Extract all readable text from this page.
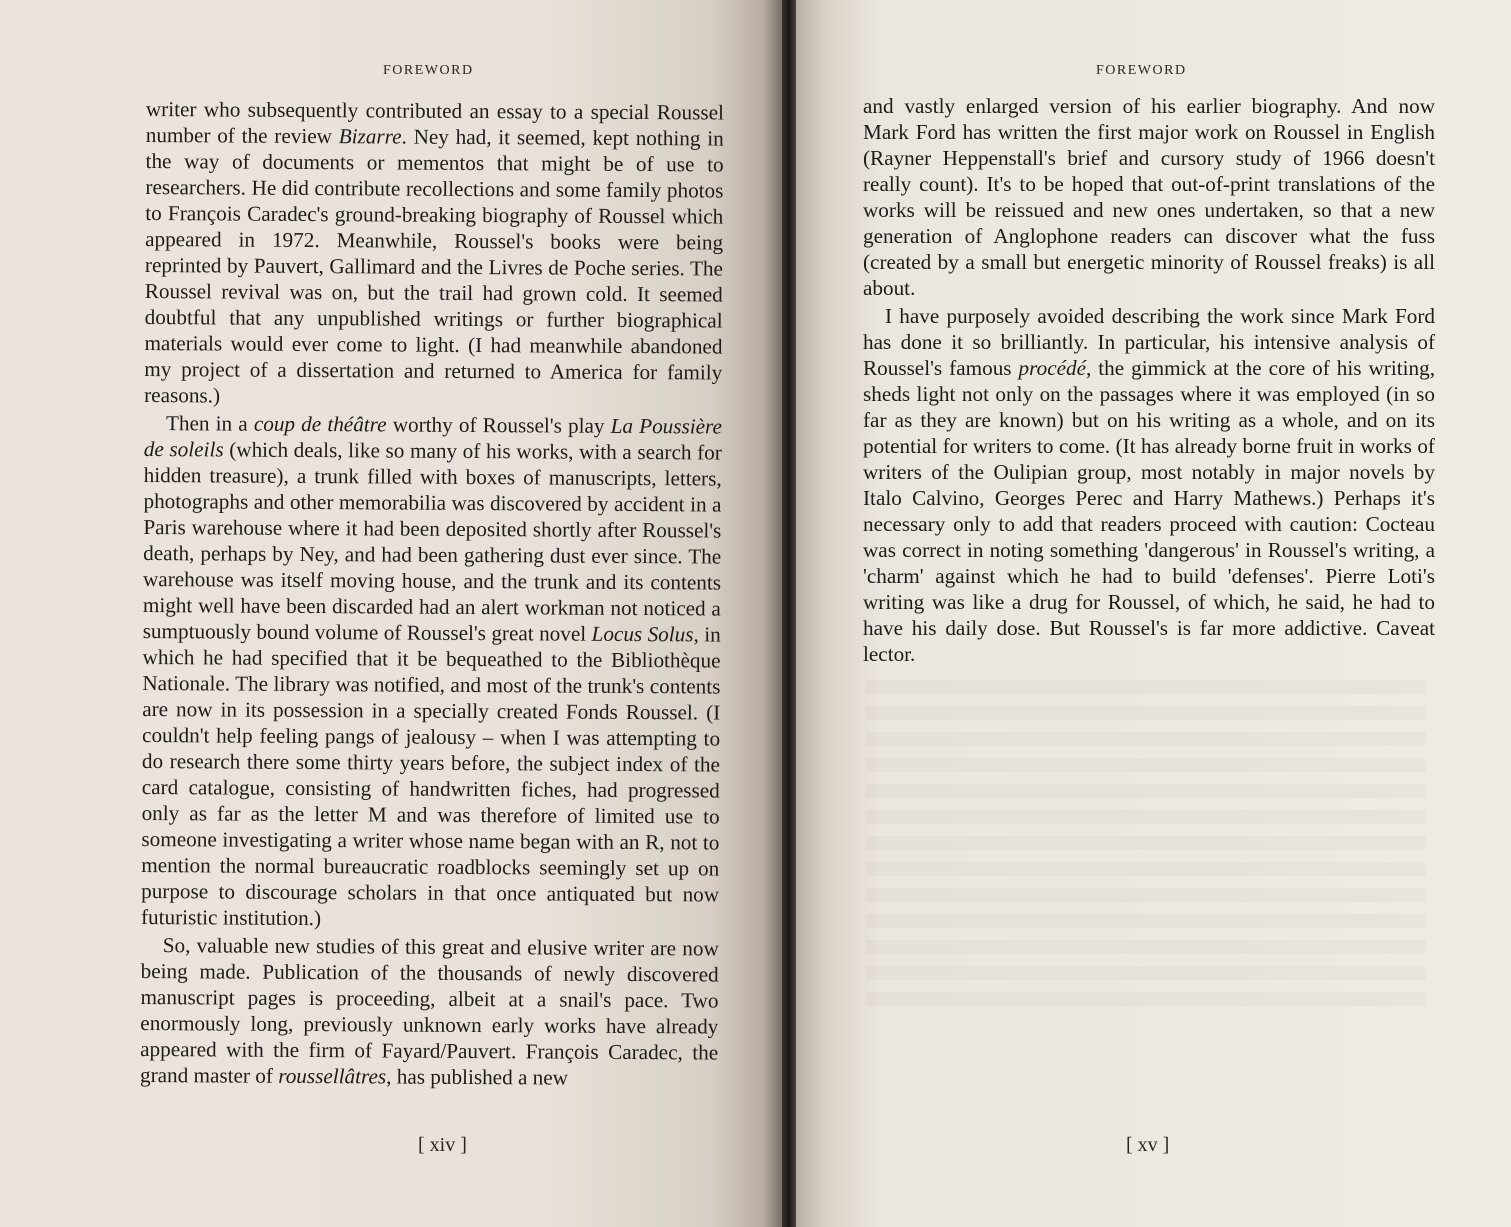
FOREWORD

writer who subsequently contributed an essay to a special Roussel number of the review Bizarre. Ney had, it seemed, kept nothing in the way of documents or mementos that might be of use to researchers. He did contribute recollections and some family photos to François Caradec's ground-breaking biography of Roussel which appeared in 1972. Meanwhile, Roussel's books were being reprinted by Pauvert, Gallimard and the Livres de Poche series. The Roussel revival was on, but the trail had grown cold. It seemed doubtful that any unpublished writings or further biographical materials would ever come to light. (I had meanwhile abandoned my project of a dissertation and returned to America for family reasons.)

Then in a coup de théâtre worthy of Roussel's play La Poussière de soleils (which deals, like so many of his works, with a search for hidden treasure), a trunk filled with boxes of manuscripts, letters, photographs and other memorabilia was discovered by accident in a Paris warehouse where it had been deposited shortly after Roussel's death, perhaps by Ney, and had been gathering dust ever since. The warehouse was itself moving house, and the trunk and its contents might well have been discarded had an alert workman not noticed a sumptuously bound volume of Roussel's great novel Locus Solus, in which he had specified that it be bequeathed to the Bibliothèque Nationale. The library was notified, and most of the trunk's contents are now in its possession in a specially created Fonds Roussel. (I couldn't help feeling pangs of jealousy – when I was attempting to do research there some thirty years before, the subject index of the card catalogue, consisting of handwritten fiches, had progressed only as far as the letter M and was therefore of limited use to someone investigating a writer whose name began with an R, not to mention the normal bureaucratic roadblocks seemingly set up on purpose to discourage scholars in that once antiquated but now futuristic institution.)

So, valuable new studies of this great and elusive writer are now being made. Publication of the thousands of newly discovered manuscript pages is proceeding, albeit at a snail's pace. Two enormously long, previously unknown early works have already appeared with the firm of Fayard/Pauvert. François Caradec, the grand master of roussellâtres, has published a new

[ xiv ]
FOREWORD

and vastly enlarged version of his earlier biography. And now Mark Ford has written the first major work on Roussel in English (Rayner Heppenstall's brief and cursory study of 1966 doesn't really count). It's to be hoped that out-of-print translations of the works will be reissued and new ones undertaken, so that a new generation of Anglophone readers can discover what the fuss (created by a small but energetic minority of Roussel freaks) is all about.

I have purposely avoided describing the work since Mark Ford has done it so brilliantly. In particular, his intensive analysis of Roussel's famous procédé, the gimmick at the core of his writing, sheds light not only on the passages where it was employed (in so far as they are known) but on his writing as a whole, and on its potential for writers to come. (It has already borne fruit in works of writers of the Oulipian group, most notably in major novels by Italo Calvino, Georges Perec and Harry Mathews.) Perhaps it's necessary only to add that readers proceed with caution: Cocteau was correct in noting something 'dangerous' in Roussel's writing, a 'charm' against which he had to build 'defenses'. Pierre Loti's writing was like a drug for Roussel, of which, he said, he had to have his daily dose. But Roussel's is far more addictive. Caveat lector.

[ xv ]
